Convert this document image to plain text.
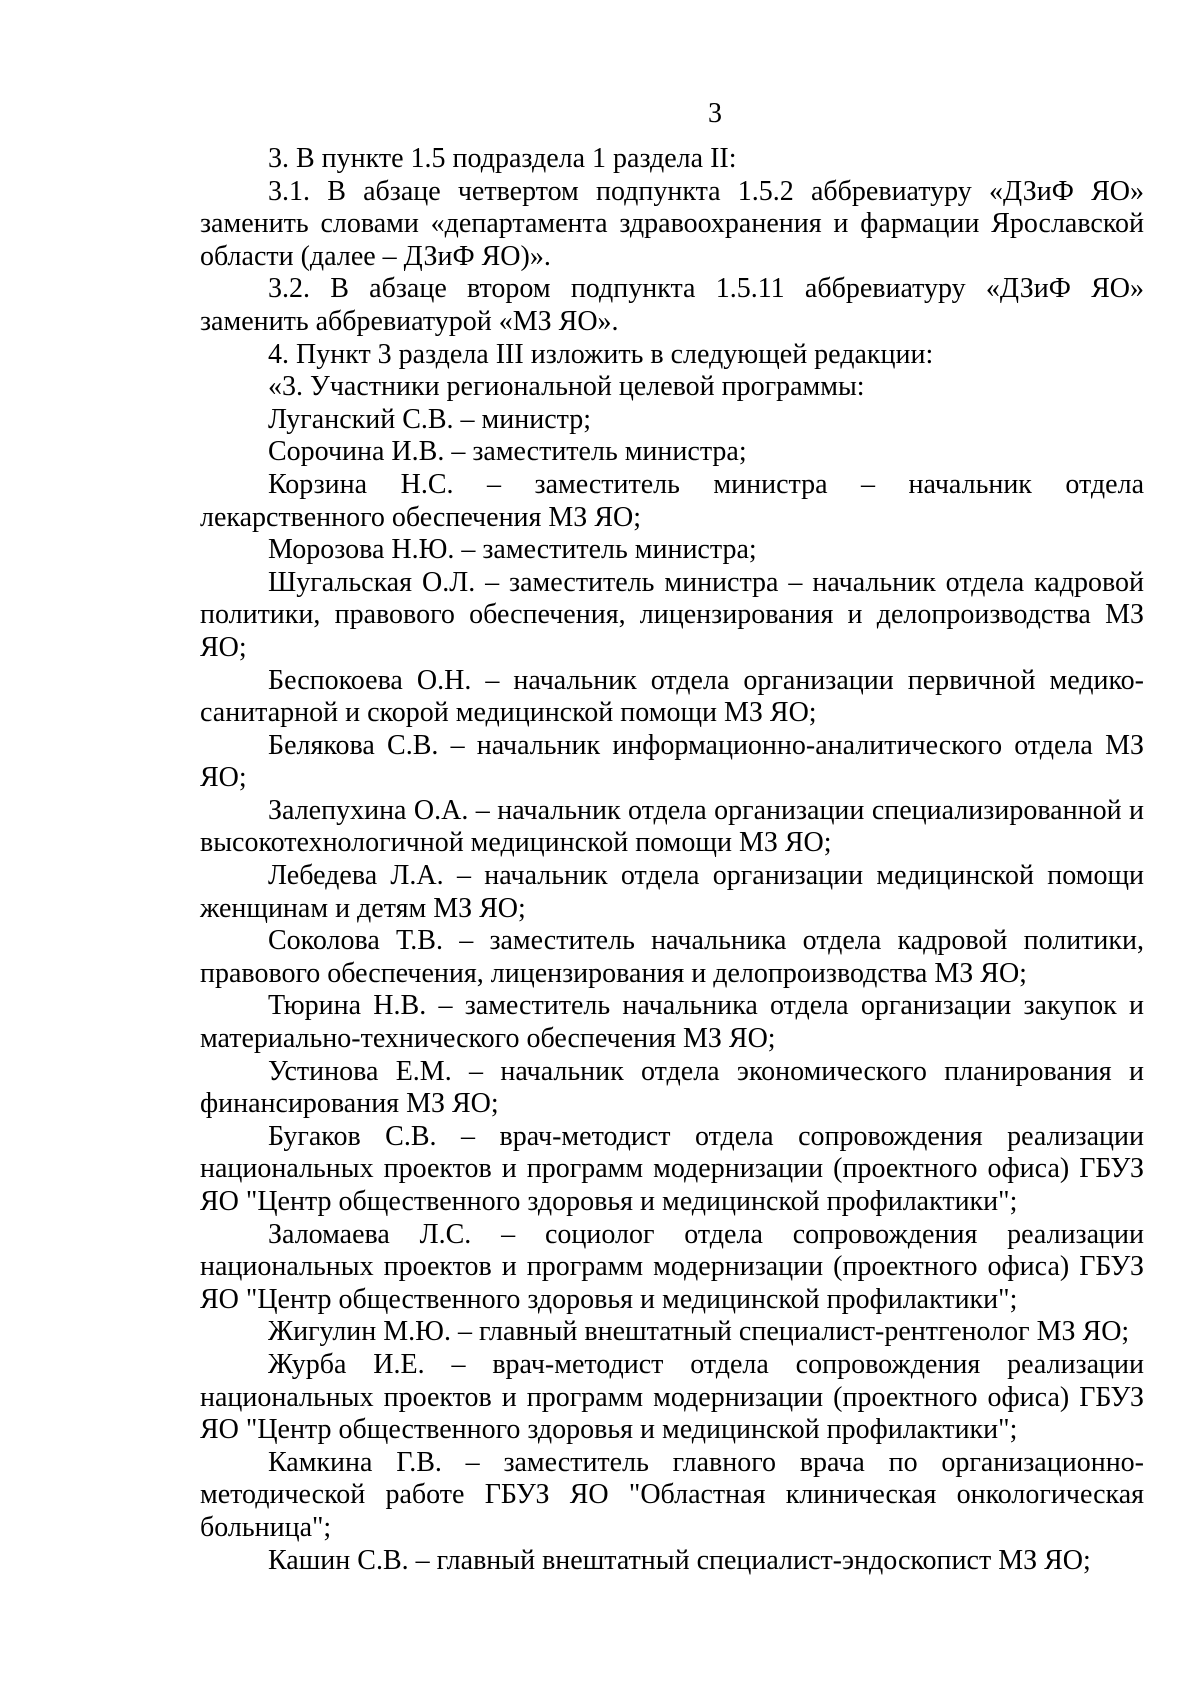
3

3. В пункте 1.5 подраздела 1 раздела II:

3.1. В абзаце четвертом подпункта 1.5.2 аббревиатуру «ДЗиФ ЯО» заменить словами «департамента здравоохранения и фармации Ярославской области (далее – ДЗиФ ЯО)».

3.2. В абзаце втором подпункта 1.5.11 аббревиатуру «ДЗиФ ЯО» заменить аббревиатурой «МЗ ЯО».

4. Пункт 3 раздела III изложить в следующей редакции:

«3. Участники региональной целевой программы:

Луганский С.В. – министр;

Сорочина И.В. – заместитель министра;

Корзина Н.С. – заместитель министра – начальник отдела лекарственного обеспечения МЗ ЯО;

Морозова Н.Ю. – заместитель министра;

Шугальская О.Л. – заместитель министра – начальник отдела кадровой политики, правового обеспечения, лицензирования и делопроизводства МЗ ЯО;

Беспокоева О.Н. – начальник отдела организации первичной медико-санитарной и скорой медицинской помощи МЗ ЯО;

Белякова С.В. – начальник информационно-аналитического отдела МЗ ЯО;

Залепухина О.А. – начальник отдела организации специализированной и высокотехнологичной медицинской помощи МЗ ЯО;

Лебедева Л.А. – начальник отдела организации медицинской помощи женщинам и детям МЗ ЯО;

Соколова Т.В. – заместитель начальника отдела кадровой политики, правового обеспечения, лицензирования и делопроизводства МЗ ЯО;

Тюрина Н.В. – заместитель начальника отдела организации закупок и материально-технического обеспечения МЗ ЯО;

Устинова Е.М. – начальник отдела экономического планирования и финансирования МЗ ЯО;

Бугаков С.В. – врач-методист отдела сопровождения реализации национальных проектов и программ модернизации (проектного офиса) ГБУЗ ЯО "Центр общественного здоровья и медицинской профилактики";

Заломаева Л.С. – социолог отдела сопровождения реализации национальных проектов и программ модернизации (проектного офиса) ГБУЗ ЯО "Центр общественного здоровья и медицинской профилактики";

Жигулин М.Ю. – главный внештатный специалист-рентгенолог МЗ ЯО;

Журба И.Е. – врач-методист отдела сопровождения реализации национальных проектов и программ модернизации (проектного офиса) ГБУЗ ЯО "Центр общественного здоровья и медицинской профилактики";

Камкина Г.В. – заместитель главного врача по организационно-методической работе ГБУЗ ЯО "Областная клиническая онкологическая больница";

Кашин С.В. – главный внештатный специалист-эндоскопист МЗ ЯО;
